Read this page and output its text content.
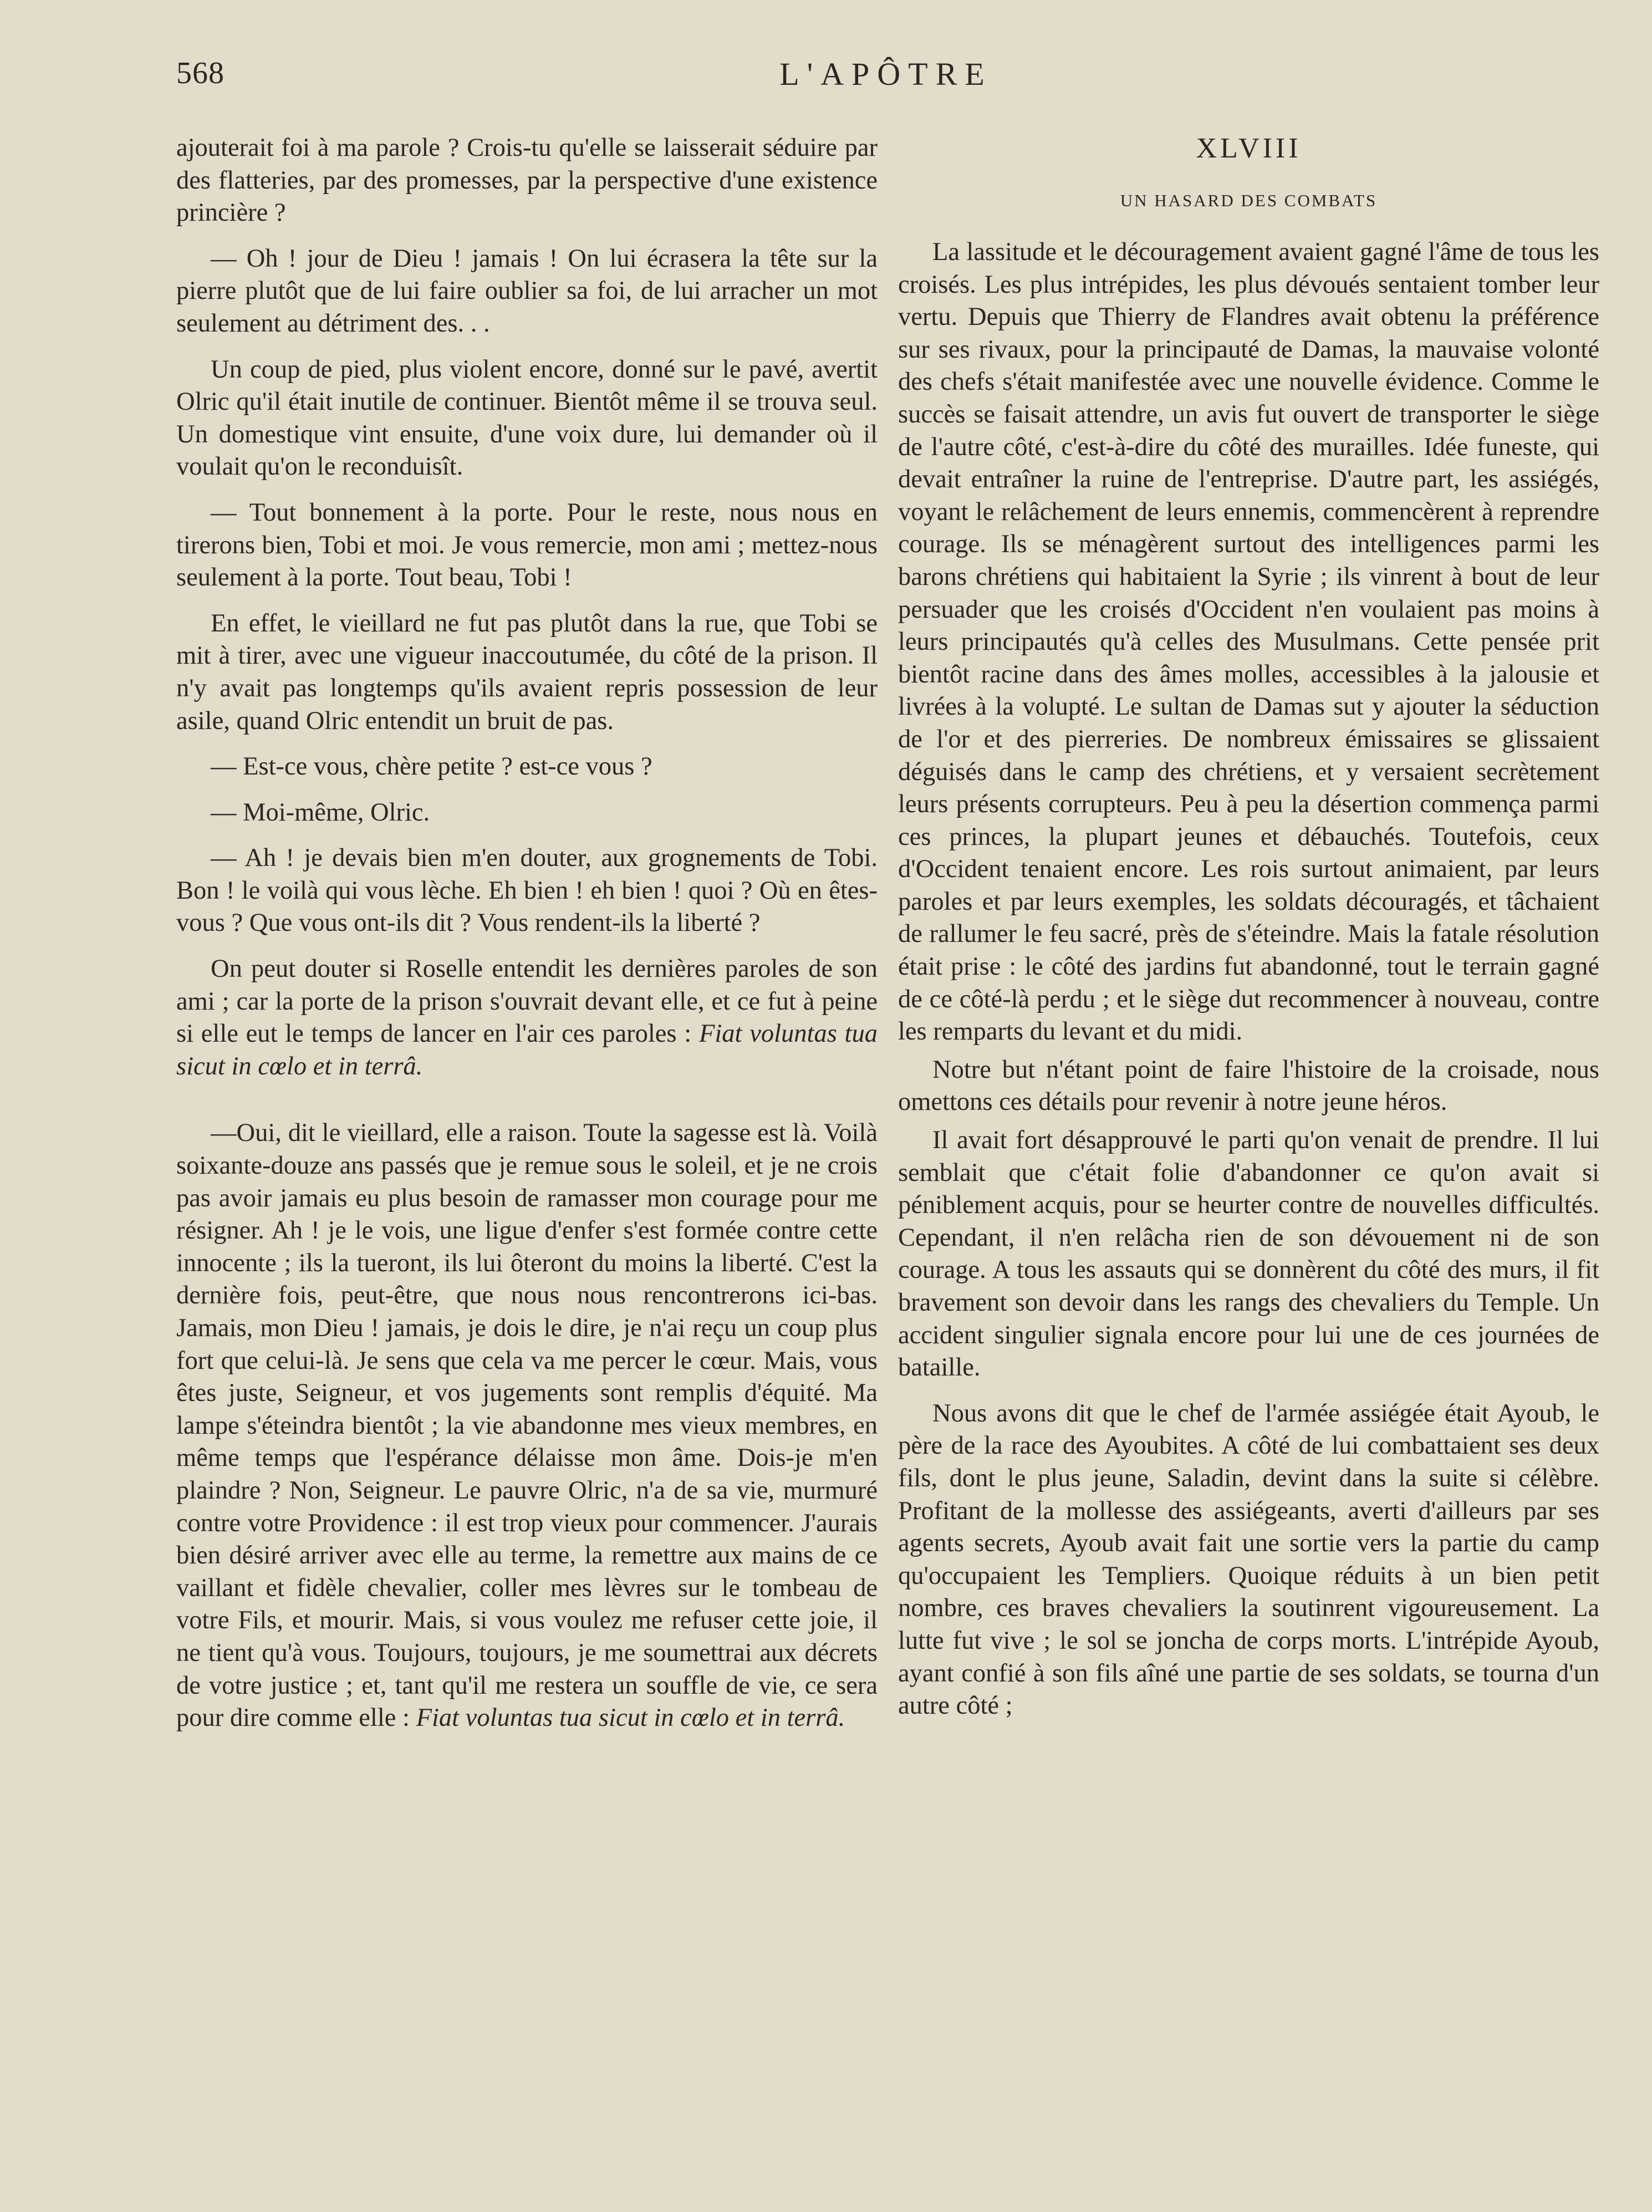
568	L'APÔTRE

ajouterait foi à ma parole ? Crois-tu qu'elle se laisserait séduire par des flatteries, par des promesses, par la perspective d'une existence princière ?

— Oh ! jour de Dieu ! jamais ! On lui écrasera la tête sur la pierre plutôt que de lui faire oublier sa foi, de lui arracher un mot seulement au détriment des. . .

Un coup de pied, plus violent encore, donné sur le pavé, avertit Olric qu'il était inutile de continuer. Bientôt même il se trouva seul. Un domestique vint ensuite, d'une voix dure, lui demander où il voulait qu'on le reconduisît.

— Tout bonnement à la porte. Pour le reste, nous nous en tirerons bien, Tobi et moi. Je vous remercie, mon ami ; mettez-nous seulement à la porte. Tout beau, Tobi !

En effet, le vieillard ne fut pas plutôt dans la rue, que Tobi se mit à tirer, avec une vigueur inaccoutumée, du côté de la prison. Il n'y avait pas longtemps qu'ils avaient repris possession de leur asile, quand Olric entendit un bruit de pas.

— Est-ce vous, chère petite ? est-ce vous ?

— Moi-même, Olric.

— Ah ! je devais bien m'en douter, aux grognements de Tobi. Bon ! le voilà qui vous lèche. Eh bien ! eh bien ! quoi ? Où en êtes-vous ? Que vous ont-ils dit ? Vous rendent-ils la liberté ?

On peut douter si Roselle entendit les dernières paroles de son ami ; car la porte de la prison s'ouvrait devant elle, et ce fut à peine si elle eut le temps de lancer en l'air ces paroles : Fiat voluntas tua sicut in cœlo et in terrâ.

—Oui, dit le vieillard, elle a raison. Toute la sagesse est là. Voilà soixante-douze ans passés que je remue sous le soleil, et je ne crois pas avoir jamais eu plus besoin de ramasser mon courage pour me résigner. Ah ! je le vois, une ligue d'enfer s'est formée contre cette innocente ; ils la tueront, ils lui ôteront du moins la liberté. C'est la dernière fois, peut-être, que nous nous rencontrerons ici-bas. Jamais, mon Dieu ! jamais, je dois le dire, je n'ai reçu un coup plus fort que celui-là. Je sens que cela va me percer le cœur. Mais, vous êtes juste, Seigneur, et vos jugements sont remplis d'équité. Ma lampe s'éteindra bientôt ; la vie abandonne mes vieux membres, en même temps que l'espérance délaisse mon âme. Dois-je m'en plaindre ? Non, Seigneur. Le pauvre Olric, n'a de sa vie, murmuré contre votre Providence : il est trop vieux pour commencer. J'aurais bien désiré arriver avec elle au terme, la remettre aux mains de ce vaillant et fidèle chevalier, coller mes lèvres sur le tombeau de votre Fils, et mourir. Mais, si vous voulez me refuser cette joie, il ne tient qu'à vous. Toujours, toujours, je me soumettrai aux décrets de votre justice ; et, tant qu'il me restera un souffle de vie, ce sera pour dire comme elle : Fiat voluntas tua sicut in cœlo et in terrâ.

XLVIII
UN HASARD DES COMBATS

La lassitude et le découragement avaient gagné l'âme de tous les croisés. Les plus intrépides, les plus dévoués sentaient tomber leur vertu. Depuis que Thierry de Flandres avait obtenu la préférence sur ses rivaux, pour la principauté de Damas, la mauvaise volonté des chefs s'était manifestée avec une nouvelle évidence. Comme le succès se faisait attendre, un avis fut ouvert de transporter le siège de l'autre côté, c'est-à-dire du côté des murailles. Idée funeste, qui devait entraîner la ruine de l'entreprise. D'autre part, les assiégés, voyant le relâchement de leurs ennemis, commencèrent à reprendre courage. Ils se ménagèrent surtout des intelligences parmi les barons chrétiens qui habitaient la Syrie ; ils vinrent à bout de leur persuader que les croisés d'Occident n'en voulaient pas moins à leurs principautés qu'à celles des Musulmans. Cette pensée prit bientôt racine dans des âmes molles, accessibles à la jalousie et livrées à la volupté. Le sultan de Damas sut y ajouter la séduction de l'or et des pierreries. De nombreux émissaires se glissaient déguisés dans le camp des chrétiens, et y versaient secrètement leurs présents corrupteurs. Peu à peu la désertion commença parmi ces princes, la plupart jeunes et débauchés. Toutefois, ceux d'Occident tenaient encore. Les rois surtout animaient, par leurs paroles et par leurs exemples, les soldats découragés, et tâchaient de rallumer le feu sacré, près de s'éteindre. Mais la fatale résolution était prise : le côté des jardins fut abandonné, tout le terrain gagné de ce côté-là perdu ; et le siège dut recommencer à nouveau, contre les remparts du levant et du midi.

Notre but n'étant point de faire l'histoire de la croisade, nous omettons ces détails pour revenir à notre jeune héros.

Il avait fort désapprouvé le parti qu'on venait de prendre. Il lui semblait que c'était folie d'abandonner ce qu'on avait si péniblement acquis, pour se heurter contre de nouvelles difficultés. Cependant, il n'en relâcha rien de son dévouement ni de son courage. A tous les assauts qui se donnèrent du côté des murs, il fit bravement son devoir dans les rangs des chevaliers du Temple. Un accident singulier signala encore pour lui une de ces journées de bataille.

Nous avons dit que le chef de l'armée assiégée était Ayoub, le père de la race des Ayoubites. A côté de lui combattaient ses deux fils, dont le plus jeune, Saladin, devint dans la suite si célèbre. Profitant de la mollesse des assiégeants, averti d'ailleurs par ses agents secrets, Ayoub avait fait une sortie vers la partie du camp qu'occupaient les Templiers. Quoique réduits à un bien petit nombre, ces braves chevaliers la soutinrent vigoureusement. La lutte fut vive ; le sol se joncha de corps morts. L'intrépide Ayoub, ayant confié à son fils aîné une partie de ses soldats, se tourna d'un autre côté ;
